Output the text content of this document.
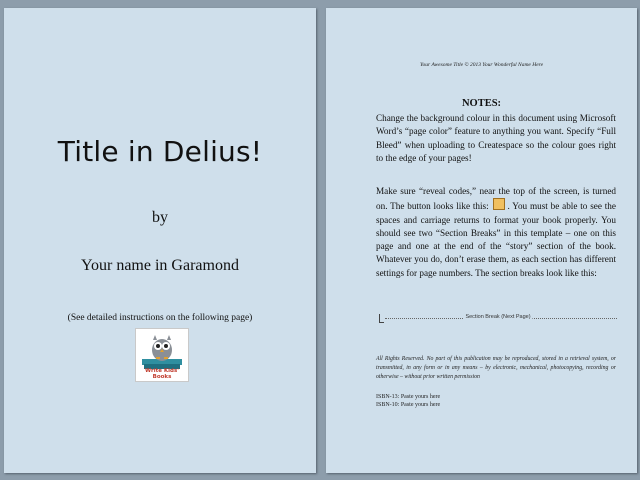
Title in Delius!
by
Your name in Garamond
(See detailed instructions on the following page)
Write Kids' Books
Your Awesome Title © 2013 Your Wonderful Name Here
NOTES:
Change the background colour in this document using Microsoft Word’s “page color” feature to anything you want. Specify “Full Bleed” when uploading to Createspace so the colour goes right to the edge of your pages!
Make sure “reveal codes,” near the top of the screen, is turned on. The button looks like this: . You must be able to see the spaces and carriage returns to format your book properly. You should see two “Section Breaks” in this template – one on this page and one at the end of the “story” section of the book. Whatever you do, don’t erase them, as each section has different settings for page numbers. The section breaks look like this:
Section Break (Next Page)
All Rights Reserved. No part of this publication may be reproduced, stored in a retrieval system, or transmitted, in any form or in any means – by electronic, mechanical, photocopying, recording or otherwise – without prior written permission
ISBN-13: Paste yours here
ISBN-10: Paste yours here
